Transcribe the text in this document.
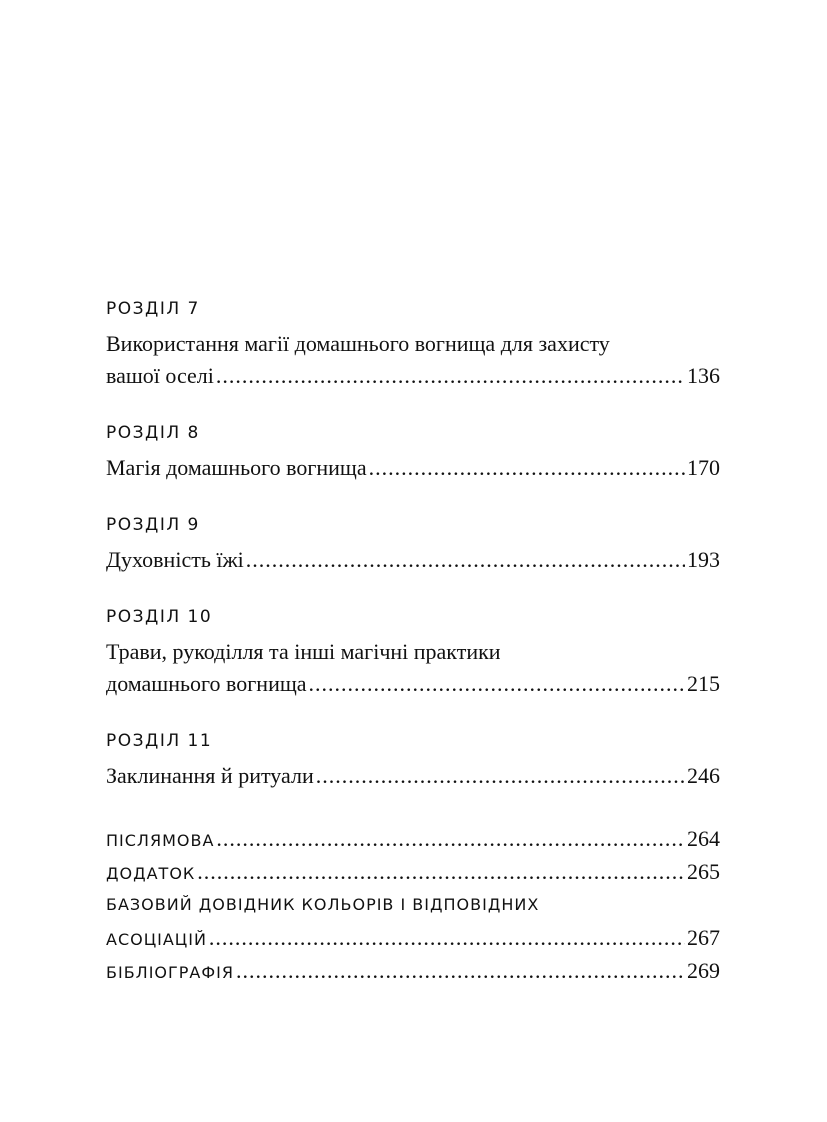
РОЗДІЛ 7
Використання магії домашнього вогнища для захисту
вашої оселі .....	136
РОЗДІЛ 8
Магія домашнього вогнища .....	170
РОЗДІЛ 9
Духовність їжі .....	193
РОЗДІЛ 10
Трави, рукоділля та інші магічні практики
домашнього вогнища .....	215
РОЗДІЛ 11
Заклинання й ритуали .....	246
ПІСЛЯМОВА .....	264
ДОДАТОК .....	265
БАЗОВИЙ ДОВІДНИК КОЛЬОРІВ І ВІДПОВІДНИХ
АСОЦІАЦІЙ .....	267
БІБЛІОГРАФІЯ .....	269
